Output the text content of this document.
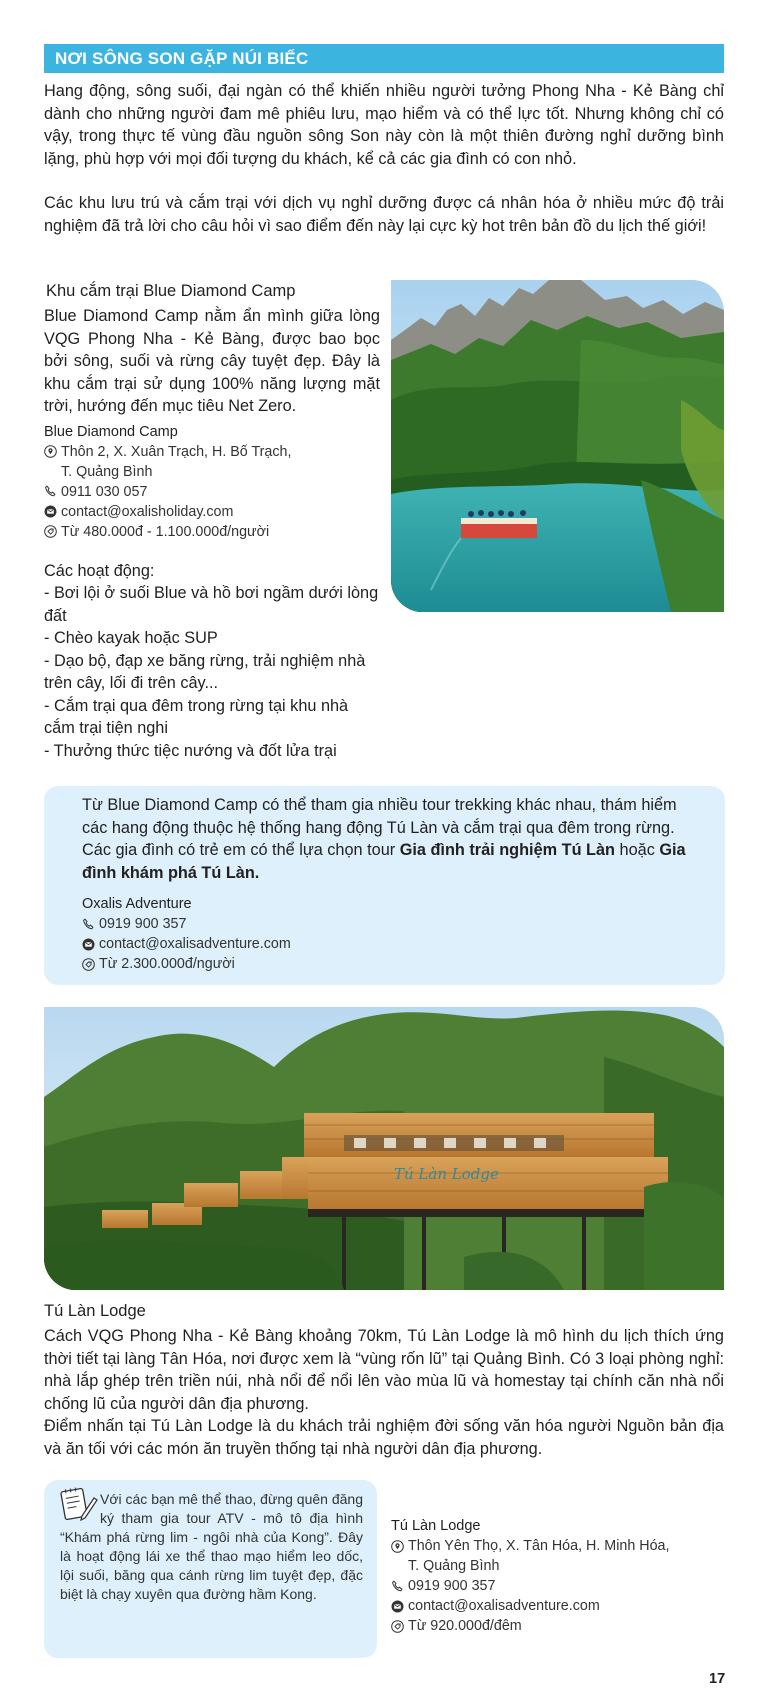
NƠI SÔNG SON GẶP NÚI BIẾC

Hang động, sông suối, đại ngàn có thể khiến nhiều người tưởng Phong Nha - Kẻ Bàng chỉ dành cho những người đam mê phiêu lưu, mạo hiểm và có thể lực tốt. Nhưng không chỉ có vậy, trong thực tế vùng đầu nguồn sông Son này còn là một thiên đường nghỉ dưỡng bình lặng, phù hợp với mọi đối tượng du khách, kể cả các gia đình có con nhỏ.

Các khu lưu trú và cắm trại với dịch vụ nghỉ dưỡng được cá nhân hóa ở nhiều mức độ trải nghiệm đã trả lời cho câu hỏi vì sao điểm đến này lại cực kỳ hot trên bản đồ du lịch thế giới!

Khu cắm trại Blue Diamond Camp
Blue Diamond Camp nằm ẩn mình giữa lòng VQG Phong Nha - Kẻ Bàng, được bao bọc bởi sông, suối và rừng cây tuyệt đẹp. Đây là khu cắm trại sử dụng 100% năng lượng mặt trời, hướng đến mục tiêu Net Zero.
Blue Diamond Camp
Thôn 2, X. Xuân Trạch, H. Bố Trạch,
T. Quảng Bình
0911 030 057
contact@oxalisholiday.com
Từ 480.000đ - 1.100.000đ/người
Các hoạt động:
- Bơi lội ở suối Blue và hồ bơi ngầm dưới lòng đất
- Chèo kayak hoặc SUP
- Dạo bộ, đạp xe băng rừng, trải nghiệm nhà trên cây, lối đi trên cây...
- Cắm trại qua đêm trong rừng tại khu nhà cắm trại tiện nghi
- Thưởng thức tiệc nướng và đốt lửa trại
Từ Blue Diamond Camp có thể tham gia nhiều tour trekking khác nhau, thám hiểm các hang động thuộc hệ thống hang động Tú Làn và cắm trại qua đêm trong rừng. Các gia đình có trẻ em có thể lựa chọn tour Gia đình trải nghiệm Tú Làn hoặc Gia đình khám phá Tú Làn.
Oxalis Adventure
0919 900 357
contact@oxalisadventure.com
Từ 2.300.000đ/người
Tú Làn Lodge
Tú Làn Lodge

Cách VQG Phong Nha - Kẻ Bàng khoảng 70km, Tú Làn Lodge là mô hình du lịch thích ứng thời tiết tại làng Tân Hóa, nơi được xem là “vùng rốn lũ” tại Quảng Bình. Có 3 loại phòng nghỉ: nhà lắp ghép trên triền núi, nhà nổi để nổi lên vào mùa lũ và homestay tại chính căn nhà nổi chống lũ của người dân địa phương.

Điểm nhấn tại Tú Làn Lodge là du khách trải nghiệm đời sống văn hóa người Nguồn bản địa và ăn tối với các món ăn truyền thống tại nhà người dân địa phương.

Với các bạn mê thể thao, đừng quên đăng ký tham gia tour ATV - mô tô địa hình “Khám phá rừng lim - ngôi nhà của Kong”. Đây là hoạt động lái xe thể thao mạo hiểm leo dốc, lội suối, băng qua cánh rừng lim tuyệt đẹp, đặc biệt là chạy xuyên qua đường hầm Kong.
Tú Làn Lodge
Thôn Yên Thọ, X. Tân Hóa, H. Minh Hóa,
T. Quảng Bình
0919 900 357
contact@oxalisadventure.com
Từ 920.000đ/đêm
17
